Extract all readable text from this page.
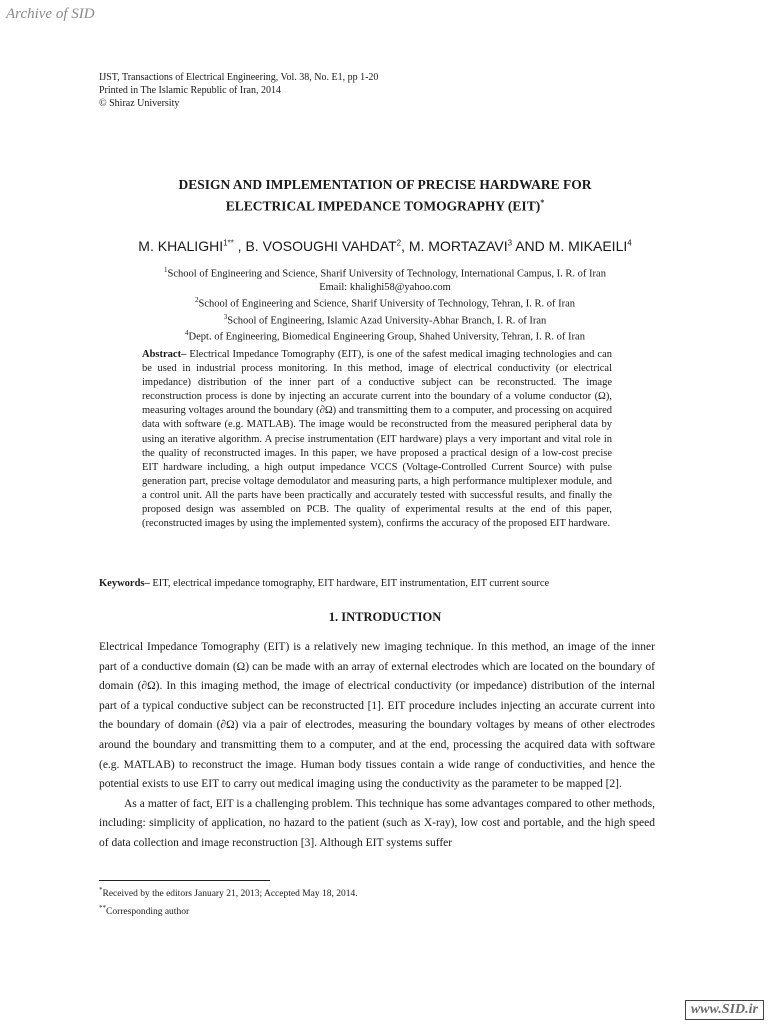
Archive of SID
IJST, Transactions of Electrical Engineering, Vol. 38, No. E1, pp 1-20
Printed in The Islamic Republic of Iran, 2014
© Shiraz University
DESIGN AND IMPLEMENTATION OF PRECISE HARDWARE FOR
ELECTRICAL IMPEDANCE TOMOGRAPHY (EIT)*
M. $KHALIGHI^{1**}$ , B. VOSOUGHI VAHDAT$^2$, M. MORTAZAVI$^3$ AND M. MIKAEILI$^4$
$^1$School of Engineering and Science, Sharif University of Technology, International Campus, I. R. of Iran
Email: khalighi58@yahoo.com
$^2$School of Engineering and Science, Sharif University of Technology, Tehran, I. R. of Iran
$^3$School of Engineering, Islamic Azad University-Abhar Branch, I. R. of Iran
$^4$Dept. of Engineering, Biomedical Engineering Group, Shahed University, Tehran, I. R. of Iran
Abstract– Electrical Impedance Tomography (EIT), is one of the safest medical imaging technologies and can be used in industrial process monitoring. In this method, image of electrical conductivity (or electrical impedance) distribution of the inner part of a conductive subject can be reconstructed. The image reconstruction process is done by injecting an accurate current into the boundary of a volume conductor (Ω), measuring voltages around the boundary (∂Ω) and transmitting them to a computer, and processing on acquired data with software (e.g. MATLAB). The image would be reconstructed from the measured peripheral data by using an iterative algorithm. A precise instrumentation (EIT hardware) plays a very important and vital role in the quality of reconstructed images. In this paper, we have proposed a practical design of a low-cost precise EIT hardware including, a high output impedance VCCS (Voltage-Controlled Current Source) with pulse generation part, precise voltage demodulator and measuring parts, a high performance multiplexer module, and a control unit. All the parts have been practically and accurately tested with successful results, and finally the proposed design was assembled on PCB. The quality of experimental results at the end of this paper, (reconstructed images by using the implemented system), confirms the accuracy of the proposed EIT hardware.
Keywords– EIT, electrical impedance tomography, EIT hardware, EIT instrumentation, EIT current source
1. INTRODUCTION

Electrical Impedance Tomography (EIT) is a relatively new imaging technique. In this method, an image of the inner part of a conductive domain (Ω) can be made with an array of external electrodes which are located on the boundary of domain (∂Ω). In this imaging method, the image of electrical conductivity (or impedance) distribution of the internal part of a typical conductive subject can be reconstructed [1]. EIT procedure includes injecting an accurate current into the boundary of domain (∂Ω) via a pair of electrodes, measuring the boundary voltages by means of other electrodes around the boundary and transmitting them to a computer, and at the end, processing the acquired data with software (e.g. MATLAB) to reconstruct the image. Human body tissues contain a wide range of conductivities, and hence the potential exists to use EIT to carry out medical imaging using the conductivity as the parameter to be mapped [2].

As a matter of fact, EIT is a challenging problem. This technique has some advantages compared to other methods, including: simplicity of application, no hazard to the patient (such as X-ray), low cost and portable, and the high speed of data collection and image reconstruction [3]. Although EIT systems suffer

*Received by the editors January 21, 2013; Accepted May 18, 2014.
**Corresponding author
www.SID.ir
